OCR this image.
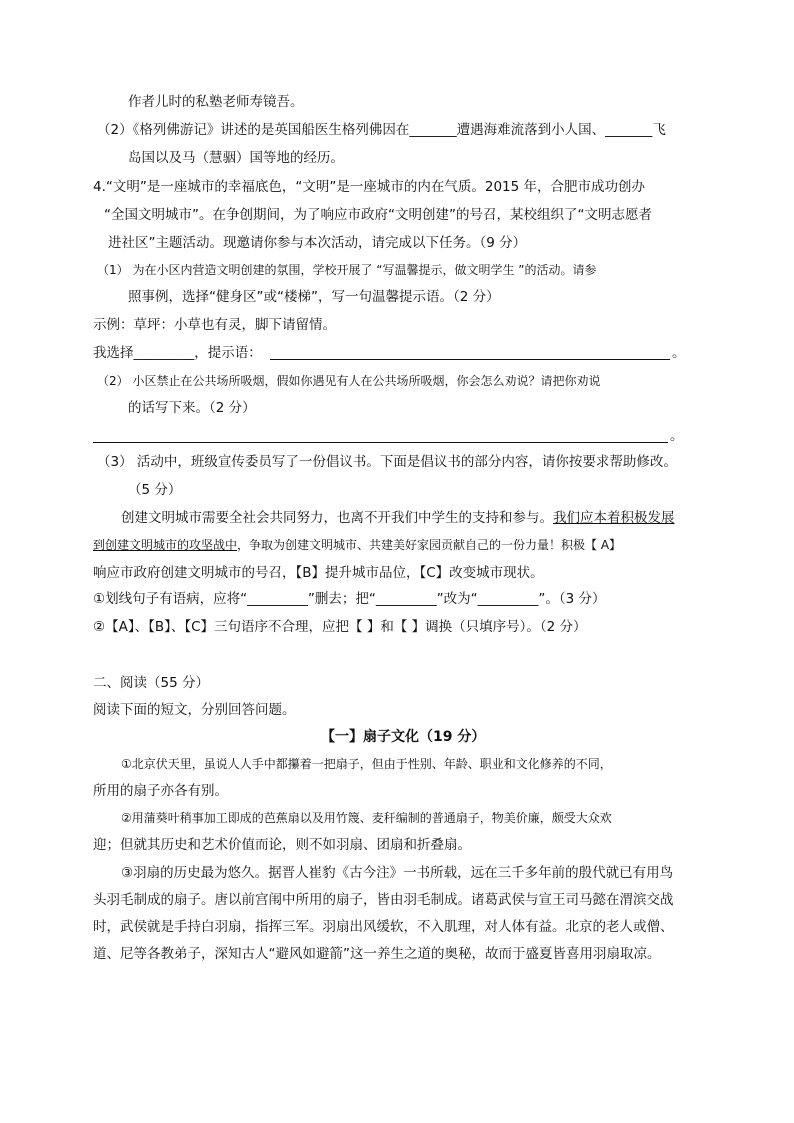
作者儿时的私塾老师寿镜吾。
（2）《格列佛游记》讲述的是英国船医生格列佛因在_______遭遇海难流落到小人国、_______飞
岛国以及马（慧骃）国等地的经历。
4.“文明”是一座城市的幸福底色，“文明”是一座城市的内在气质。2015 年，合肥市成功创办
“全国文明城市”。在争创期间，为了响应市政府“文明创建”的号召，某校组织了“文明志愿者
进社区”主题活动。现邀请你参与本次活动，请完成以下任务。（9 分）
（1） 为在小区内营造文明创建的氛围，学校开展了 “写温馨提示，做文明学生 ”的活动。请参
照事例，选择“健身区”或“楼梯”，写一句温馨提示语。（2 分）
示例：草坪：小草也有灵，脚下请留情。
我选择_________，提示语：	。
（2） 小区禁止在公共场所吸烟，假如你遇见有人在公共场所吸烟，你会怎么劝说？请把你劝说
的话写下来。（2 分）
。
（3） 活动中，班级宣传委员写了一份倡议书。下面是倡议书的部分内容，请你按要求帮助修改。
（5 分）
创建文明城市需要全社会共同努力，也离不开我们中学生的支持和参与。我们应本着积极发展
到创建文明城市的攻坚战中，争取为创建文明城市、共建美好家园贡献自己的一份力量！积极【 A】
响应市政府创建文明城市的号召，【B】提升城市品位，【C】改变城市现状。
①划线句子有语病，应将“_________”删去；把“_________”改为“_________”。（3 分）
②【A】、【B】、【C】三句语序不合理，应把【 】和【 】调换（只填序号）。（2 分）
二、阅读（55 分）
阅读下面的短文，分别回答问题。
【一】扇子文化（19 分）
①北京伏天里，虽说人人手中都攥着一把扇子，但由于性别、年龄、职业和文化修养的不同，
所用的扇子亦各有别。
②用蒲葵叶稍事加工即成的芭蕉扇以及用竹篾、麦秆编制的普通扇子，物美价廉，颇受大众欢
迎；但就其历史和艺术价值而论，则不如羽扇、团扇和折叠扇。
③羽扇的历史最为悠久。据晋人崔豹《古今注》一书所载，远在三千多年前的殷代就已有用鸟
头羽毛制成的扇子。唐以前宫闱中所用的扇子，皆由羽毛制成。诸葛武侯与宣王司马懿在渭滨交战
时，武侯就是手持白羽扇，指挥三军。羽扇出风缓软，不入肌理，对人体有益。北京的老人或僧、
道、尼等各教弟子，深知古人“避风如避箭”这一养生之道的奥秘，故而于盛夏皆喜用羽扇取凉。
